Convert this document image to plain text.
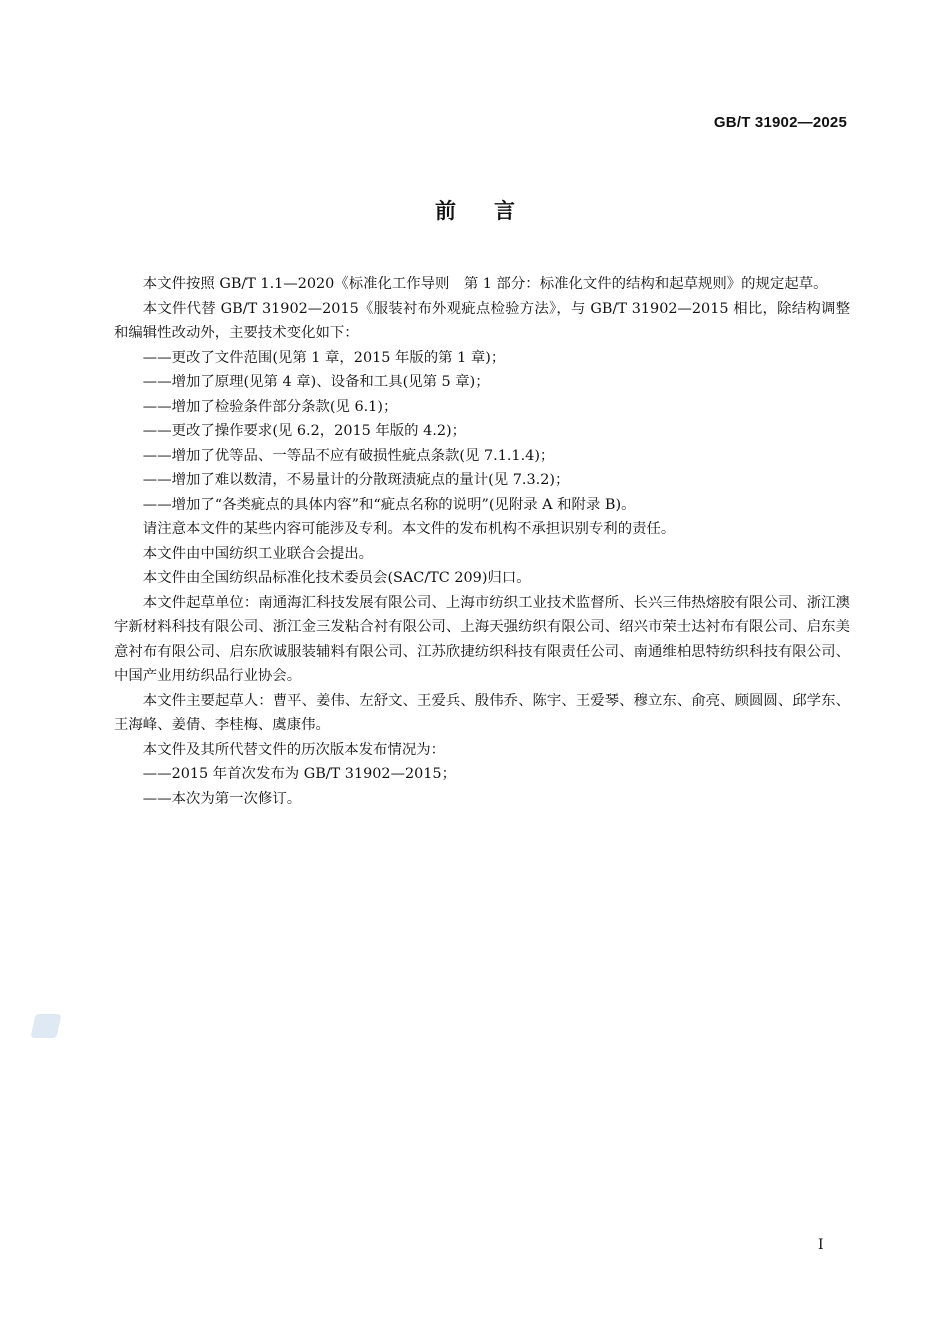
GB/T 31902—2025
前言

本文件按照 GB/T 1.1—2020《标准化工作导则　第 1 部分：标准化文件的结构和起草规则》的规定起草。

本文件代替 GB/T 31902—2015《服装衬布外观疵点检验方法》，与 GB/T 31902—2015 相比，除结构调整和编辑性改动外，主要技术变化如下：

——更改了文件范围(见第 1 章，2015 年版的第 1 章)；

——增加了原理(见第 4 章)、设备和工具(见第 5 章)；

——增加了检验条件部分条款(见 6.1)；

——更改了操作要求(见 6.2，2015 年版的 4.2)；

——增加了优等品、一等品不应有破损性疵点条款(见 7.1.1.4)；

——增加了难以数清，不易量计的分散斑渍疵点的量计(见 7.3.2)；

——增加了“各类疵点的具体内容”和“疵点名称的说明”(见附录 A 和附录 B)。

请注意本文件的某些内容可能涉及专利。本文件的发布机构不承担识别专利的责任。

本文件由中国纺织工业联合会提出。

本文件由全国纺织品标准化技术委员会(SAC/TC 209)归口。

本文件起草单位：南通海汇科技发展有限公司、上海市纺织工业技术监督所、长兴三伟热熔胶有限公司、浙江澳宇新材料科技有限公司、浙江金三发粘合衬有限公司、上海天强纺织有限公司、绍兴市荣士达衬布有限公司、启东美意衬布有限公司、启东欣诚服装辅料有限公司、江苏欣捷纺织科技有限责任公司、南通维柏思特纺织科技有限公司、中国产业用纺织品行业协会。

本文件主要起草人：曹平、姜伟、左舒文、王爱兵、殷伟乔、陈宇、王爱琴、穆立东、俞亮、顾圆圆、邱学东、王海峰、姜倩、李桂梅、虞康伟。

本文件及其所代替文件的历次版本发布情况为：

——2015 年首次发布为 GB/T 31902—2015；

——本次为第一次修订。

I
